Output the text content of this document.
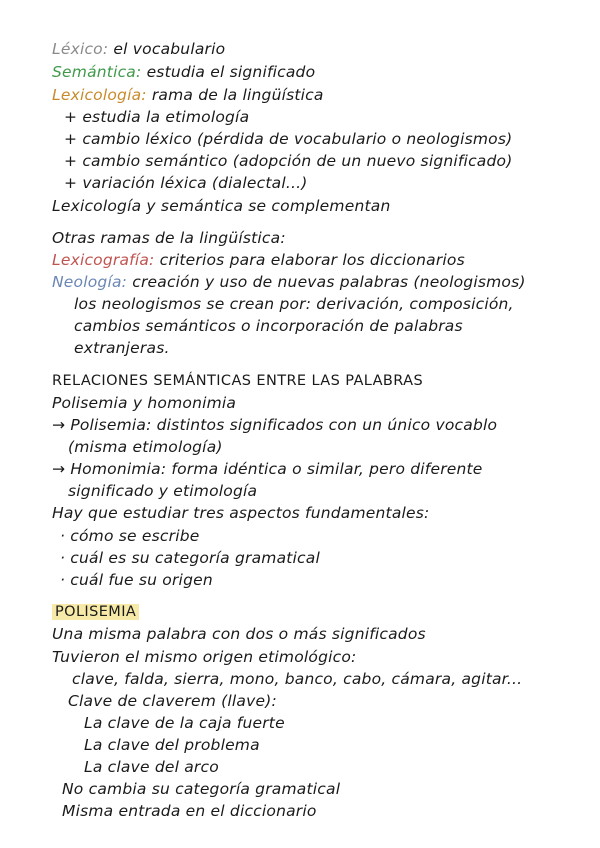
Léxico: el vocabulario
Semántica: estudia el significado
Lexicología: rama de la lingüística
+ estudia la etimología
+ cambio léxico (pérdida de vocabulario o neologismos)
+ cambio semántico (adopción de un nuevo significado)
+ variación léxica (dialectal...)
Lexicología y semántica se complementan
Otras ramas de la lingüística:
Lexicografía: criterios para elaborar los diccionarios
Neología: creación y uso de nuevas palabras (neologismos)
los neologismos se crean por: derivación, composición,
cambios semánticos o incorporación de palabras
extranjeras.
RELACIONES SEMÁNTICAS ENTRE LAS PALABRAS
Polisemia y homonimia
→ Polisemia: distintos significados con un único vocablo
(misma etimología)
→ Homonimia: forma idéntica o similar, pero diferente
significado y etimología
Hay que estudiar tres aspectos fundamentales:
· cómo se escribe
· cuál es su categoría gramatical
· cuál fue su origen
POLISEMIA
Una misma palabra con dos o más significados
Tuvieron el mismo origen etimológico:
clave, falda, sierra, mono, banco, cabo, cámara, agitar...
Clave de claverem (llave):
La clave de la caja fuerte
La clave del problema
La clave del arco
No cambia su categoría gramatical
Misma entrada en el diccionario
